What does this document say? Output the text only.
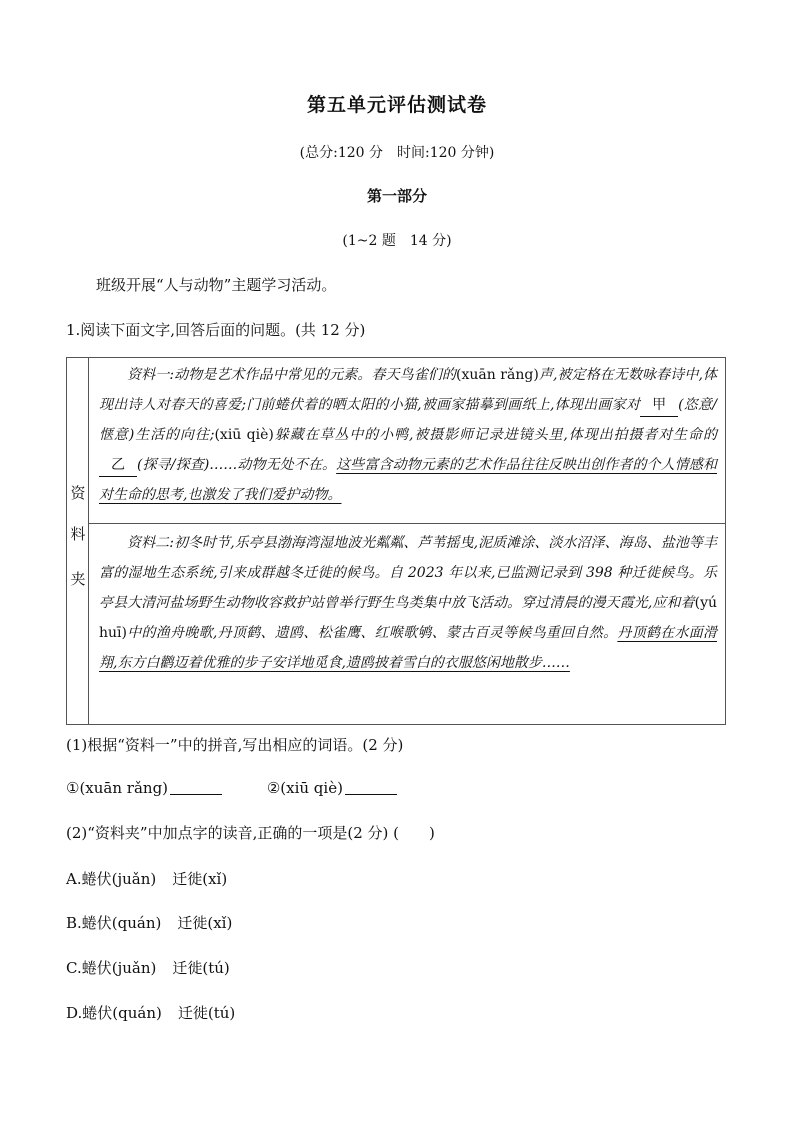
第五单元评估测试卷
(总分:120 分　时间:120 分钟)
第一部分
(1~2 题　14 分)
班级开展“人与动物”主题学习活动。
1.阅读下面文字,回答后面的问题。(共 12 分)
资
料
夹
资料一:动物是艺术作品中常见的元素。春天鸟雀们的(xuān rǎng)声,被定格在无数咏春诗中,体现出诗人对春天的喜爱;门前蜷伏着的晒太阳的小猫,被画家描摹到画纸上,体现出画家对 甲 (恣意/惬意)生活的向往;(xiū qiè)躲藏在草丛中的小鸭,被摄影师记录进镜头里,体现出拍摄者对生命的乙 (探寻/探查)……动物无处不在。这些富含动物元素的艺术作品往往反映出创作者的个人情感和对生命的思考,也激发了我们爱护动物。
资料二:初冬时节,乐亭县渤海湾湿地波光粼粼、芦苇摇曳,泥质滩涂、淡水沼泽、海岛、盐池等丰富的湿地生态系统,引来成群越冬迁徙的候鸟。自 2023 年以来,已监测记录到 398 种迁徙候鸟。乐亭县大清河盐场野生动物收容救护站曾举行野生鸟类集中放飞活动。穿过清晨的漫天霞光,应和着(yú huī)中的渔舟晚歌,丹顶鹤、遗鸥、松雀鹰、红喉歌鸲、蒙古百灵等候鸟重回自然。丹顶鹤在水面滑翔,东方白鹳迈着优雅的步子安详地觅食,遗鸥披着雪白的衣服悠闲地散步……
(1)根据“资料一”中的拼音,写出相应的词语。(2 分)
①(xuān rǎng)	②(xiū qiè)
(2)“资料夹”中加点字的读音,正确的一项是(2 分) (　　)
A.蜷伏(juǎn) 迁徙(xǐ)
B.蜷伏(quán) 迁徙(xǐ)
C.蜷伏(juǎn) 迁徙(tú)
D.蜷伏(quán) 迁徙(tú)
